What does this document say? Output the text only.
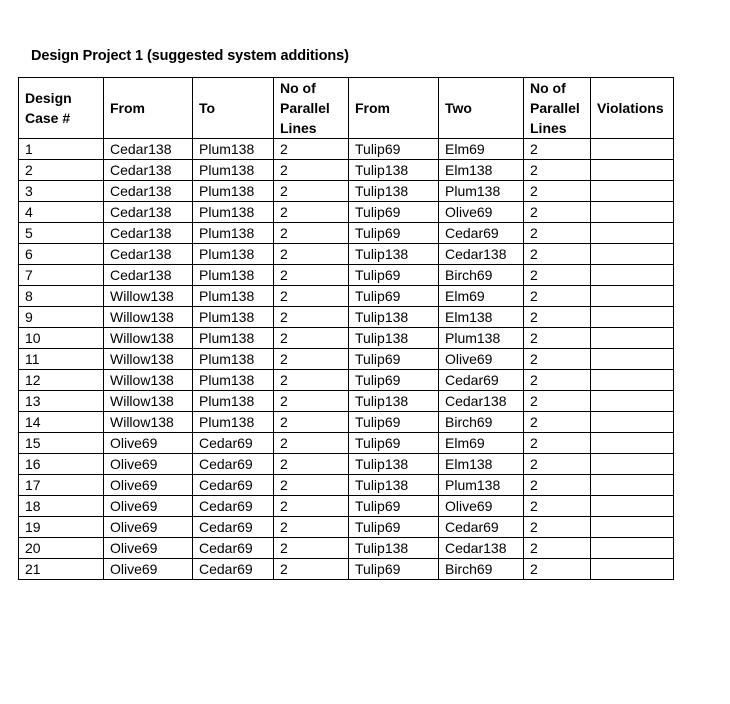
Design Project 1 (suggested system additions)
Design
Case #	From	To	No of
Parallel
Lines	From	Two	No of
Parallel
Lines	Violations
1	Cedar138	Plum138	2	Tulip69	Elm69	2	
2	Cedar138	Plum138	2	Tulip138	Elm138	2	
3	Cedar138	Plum138	2	Tulip138	Plum138	2	
4	Cedar138	Plum138	2	Tulip69	Olive69	2	
5	Cedar138	Plum138	2	Tulip69	Cedar69	2	
6	Cedar138	Plum138	2	Tulip138	Cedar138	2	
7	Cedar138	Plum138	2	Tulip69	Birch69	2	
8	Willow138	Plum138	2	Tulip69	Elm69	2	
9	Willow138	Plum138	2	Tulip138	Elm138	2	
10	Willow138	Plum138	2	Tulip138	Plum138	2	
11	Willow138	Plum138	2	Tulip69	Olive69	2	
12	Willow138	Plum138	2	Tulip69	Cedar69	2	
13	Willow138	Plum138	2	Tulip138	Cedar138	2	
14	Willow138	Plum138	2	Tulip69	Birch69	2	
15	Olive69	Cedar69	2	Tulip69	Elm69	2	
16	Olive69	Cedar69	2	Tulip138	Elm138	2	
17	Olive69	Cedar69	2	Tulip138	Plum138	2	
18	Olive69	Cedar69	2	Tulip69	Olive69	2	
19	Olive69	Cedar69	2	Tulip69	Cedar69	2	
20	Olive69	Cedar69	2	Tulip138	Cedar138	2	
21	Olive69	Cedar69	2	Tulip69	Birch69	2	
